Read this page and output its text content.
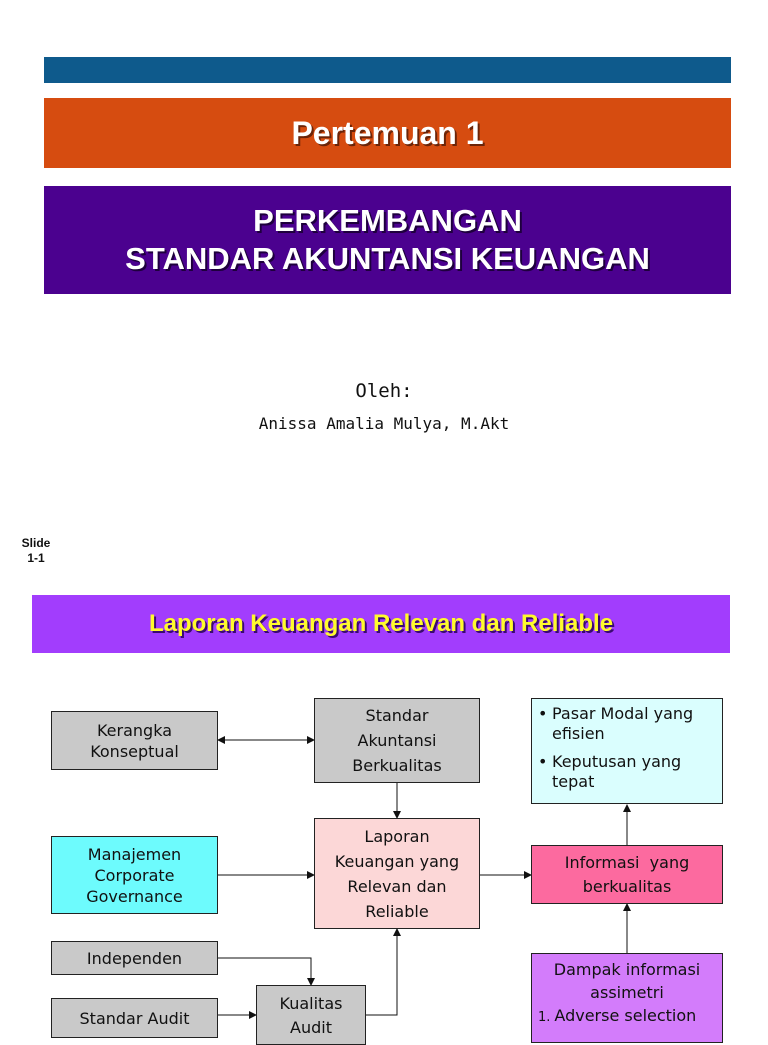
Pertemuan 1
PERKEMBANGAN
STANDAR AKUNTANSI KEUANGAN
Oleh:
Anissa Amalia Mulya, M.Akt
Slide
1-1
Laporan Keuangan Relevan dan Reliable
Kerangka
Konseptual
Standar
Akuntansi
Berkualitas
• Pasar Modal yang efisien
• Keputusan yang tepat
Manajemen
Corporate
Governance
Laporan
Keuangan yang
Relevan dan
Reliable
Informasi  yang
berkualitas
Independen
Standar Audit
Kualitas
Audit
Dampak informasi
assimetri
1. Adverse selection
